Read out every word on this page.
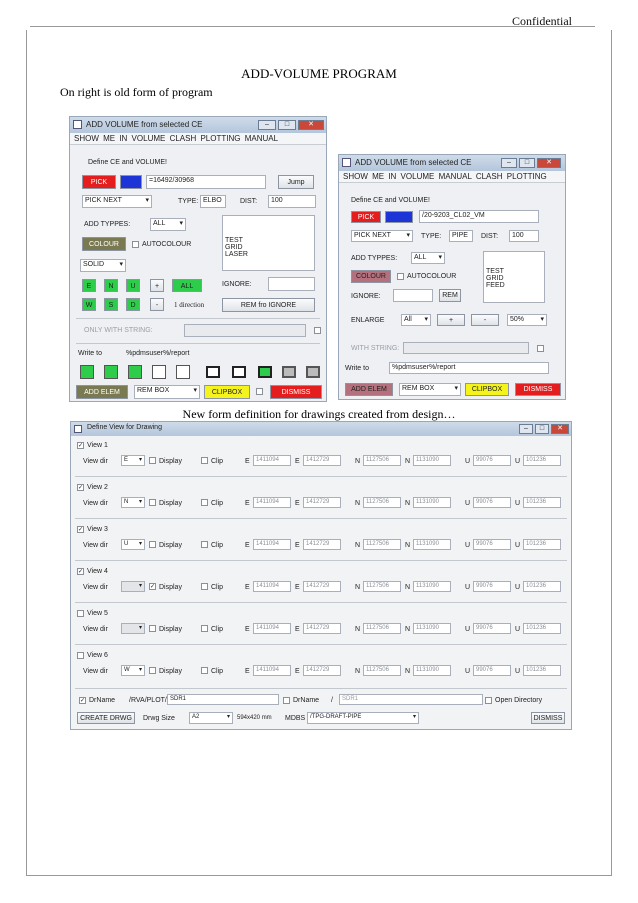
Confidential
ADD-VOLUME PROGRAM
On right is old form of program
ADD VOLUME from selected CE	–	□	✕
SHOW ME IN VOLUME CLASH PLOTTING MANUAL
Define CE and VOLUME!
PICK	=16492/30968	Jump
PICK NEXT ▾	TYPE: ELBO	DIST:	100
ADD TYPPES:	ALL ▾
TEST
GRID
LASER
COLOUR	AUTOCOLOUR
SOLID ▾
E	N	U	+	ALL
W	S	D	-	1 direction
IGNORE:
REM fro IGNORE
ONLY WITH STRING:
Write to	%pdmsuser%/report
ADD ELEM	REM BOX ▾	CLIPBOX	DISMISS
ADD VOLUME from selected CE	–	□	✕
SHOW ME IN VOLUME MANUAL CLASH PLOTTING
Define CE and VOLUME!
PICK	/20-9203_CL02_VM
PICK NEXT ▾	TYPE:	PIPE	DIST:	100
ADD TYPPES:	ALL ▾
TEST
GRID
FEED
COLOUR	AUTOCOLOUR
IGNORE:	REM
ENLARGE	All ▾	+	-	50% ▾
WITH STRING:
Write to	%pdmsuser%/report
ADD ELEM	REM BOX ▾	CLIPBOX	DISMISS
New form definition for drawings created from design…
Define View for Drawing	–	□	✕
✓ View 1
View dir	E ▾	Display	Clip	E	1411094	E	1412729	N 1127506	N 1131090	U 99076	U 101236
✓ View 2
View dir	N ▾	Display	Clip	E	1411094	E	1412729	N 1127506	N 1131090	U 99076	U 101236
✓ View 3
View dir	U ▾	Display	Clip	E	1411094	E	1412729	N 1127506	N 1131090	U 99076	U 101236
✓ View 4
View dir ▾	✓ Display	Clip	E	1411094	E	1412729	N 1127506	N 1131090	U 99076	U 101236
View 5
View dir ▾	Display	Clip	E	1411094	E	1412729	N 1127506	N 1131090	U 99076	U 101236
View 6
View dir	W ▾	Display	Clip	E	1411094	E	1412729	N 1127506	N 1131090	U 99076	U 101236
✓ DrName /RVA/PLOT/ SDR1	DrName /	SDR1	Open Directory
CREATE DRWG	Drwg Size	A2 ▾	594x420 mm MDBS /TPG-DRAFT-PIPE ▾	DISMISS
